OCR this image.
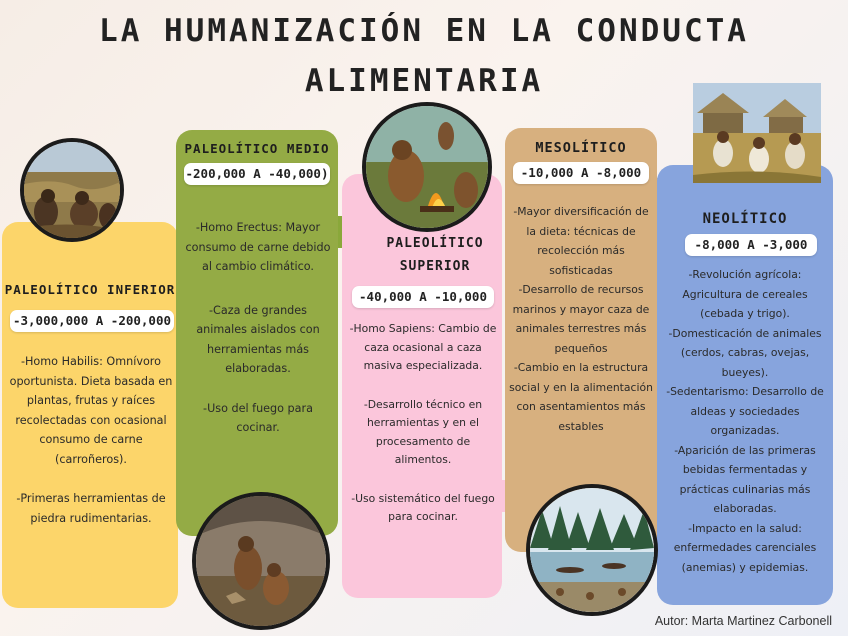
LA HUMANIZACIÓN EN LA CONDUCTA
ALIMENTARIA
PALEOLÍTICO INFERIOR
-3,000,000 A -200,000

-Homo Habilis: Omnívoro oportunista. Dieta basada en plantas, frutas y raíces recolectadas con ocasional consumo de carne (carroñeros).

-Primeras herramientas de piedra rudimentarias.

PALEOLÍTICO MEDIO
-200,000 A -40,000)

-Homo Erectus: Mayor consumo de carne debido al cambio climático.

-Caza de grandes animales aislados con herramientas más elaboradas.

-Uso del fuego para cocinar.

PALEOLÍTICO
SUPERIOR
-40,000 A -10,000

-Homo Sapiens: Cambio de caza ocasional a caza masiva especializada.

-Desarrollo técnico en herramientas y en el procesamento de alimentos.

-Uso sistemático del fuego para cocinar.

MESOLÍTICO
-10,000 A -8,000

-Mayor diversificación de la dieta: técnicas de recolección más sofisticadas

-Desarrollo de recursos marinos y mayor caza de animales terrestres más pequeños

-Cambio en la estructura social y en la alimentación con asentamientos más estables

NEOLÍTICO
-8,000 A -3,000

-Revolución agrícola: Agricultura de cereales (cebada y trigo).

-Domesticación de animales (cerdos, cabras, ovejas, bueyes).

-Sedentarismo: Desarrollo de aldeas y sociedades organizadas.

-Aparición de las primeras bebidas fermentadas y prácticas culinarias más elaboradas.

-Impacto en la salud: enfermedades carenciales (anemias) y epidemias.

Autor: Marta Martinez Carbonell
